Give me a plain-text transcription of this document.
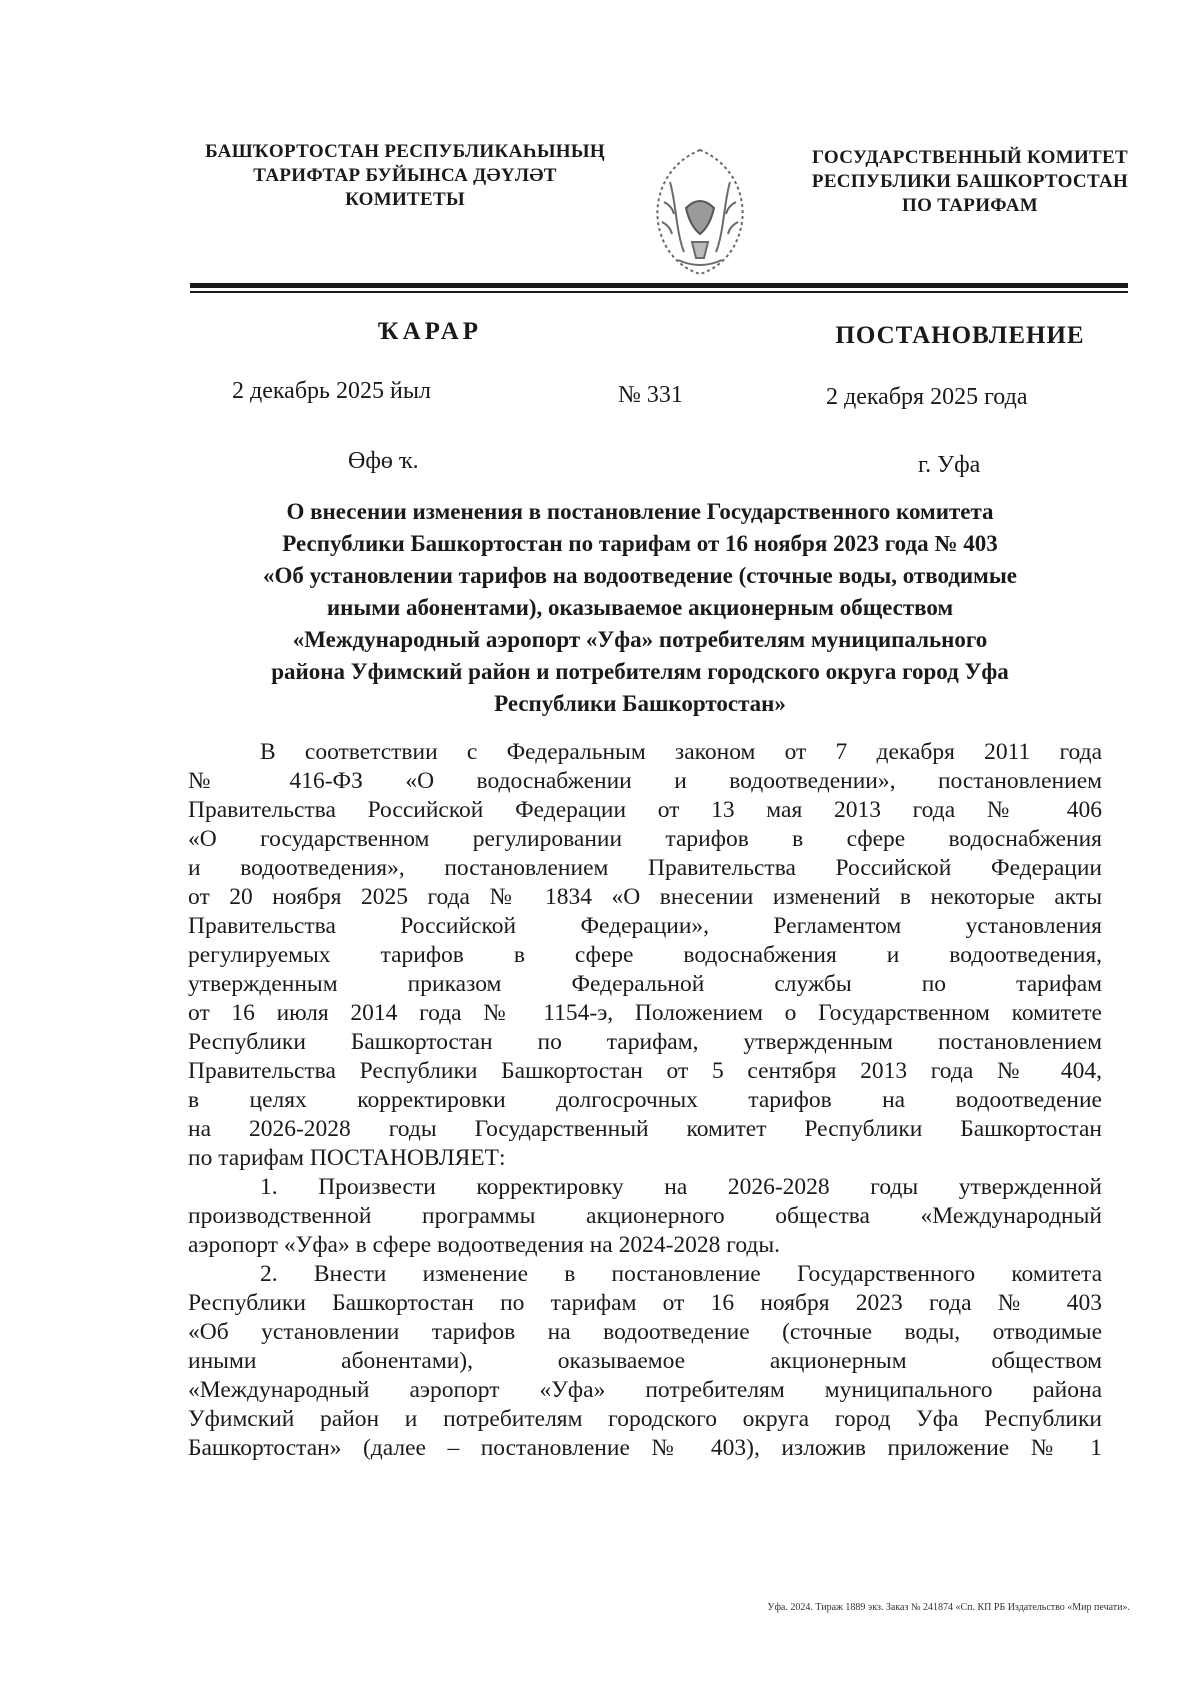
БАШҠОРТОСТАН РЕСПУБЛИКАҺЫНЫҢ
ТАРИФТАР БУЙЫНСА ДӘҮЛӘТ
КОМИТЕТЫ
ГОСУДАРСТВЕННЫЙ КОМИТЕТ
РЕСПУБЛИКИ БАШКОРТОСТАН
ПО ТАРИФАМ
ҠАРАР	ПОСТАНОВЛЕНИЕ
2 декабрь 2025 йыл	№ 331	2 декабря 2025 года
Өфө ҡ.	г. Уфа
О внесении изменения в постановление Государственного комитета
Республики Башкортостан по тарифам от 16 ноября 2023 года № 403
«Об установлении тарифов на водоотведение (сточные воды, отводимые
иными абонентами), оказываемое акционерным обществом
«Международный аэропорт «Уфа» потребителям муниципального
района Уфимский район и потребителям городского округа город Уфа
Республики Башкортостан»
В соответствии с Федеральным законом от 7 декабря 2011 года
№ 416-ФЗ «О водоснабжении и водоотведении», постановлением
Правительства Российской Федерации от 13 мая 2013 года № 406
«О государственном регулировании тарифов в сфере водоснабжения
и водоотведения», постановлением Правительства Российской Федерации
от 20 ноября 2025 года № 1834 «О внесении изменений в некоторые акты
Правительства Российской Федерации», Регламентом установления
регулируемых тарифов в сфере водоснабжения и водоотведения,
утвержденным приказом Федеральной службы по тарифам
от 16 июля 2014 года № 1154-э, Положением о Государственном комитете
Республики Башкортостан по тарифам, утвержденным постановлением
Правительства Республики Башкортостан от 5 сентября 2013 года № 404,
в целях корректировки долгосрочных тарифов на водоотведение
на 2026-2028 годы Государственный комитет Республики Башкортостан
по тарифам ПОСТАНОВЛЯЕТ:
1. Произвести корректировку на 2026-2028 годы утвержденной
производственной программы акционерного общества «Международный
аэропорт «Уфа» в сфере водоотведения на 2024-2028 годы.
2. Внести изменение в постановление Государственного комитета
Республики Башкортостан по тарифам от 16 ноября 2023 года № 403
«Об установлении тарифов на водоотведение (сточные воды, отводимые
иными абонентами), оказываемое акционерным обществом
«Международный аэропорт «Уфа» потребителям муниципального района
Уфимский район и потребителям городского округа город Уфа Республики
Башкортостан» (далее – постановление № 403), изложив приложение № 1
Уфа. 2024. Тираж 1889 экз. Заказ № 241874 «Сп. КП РБ Издательство «Мир печати».
